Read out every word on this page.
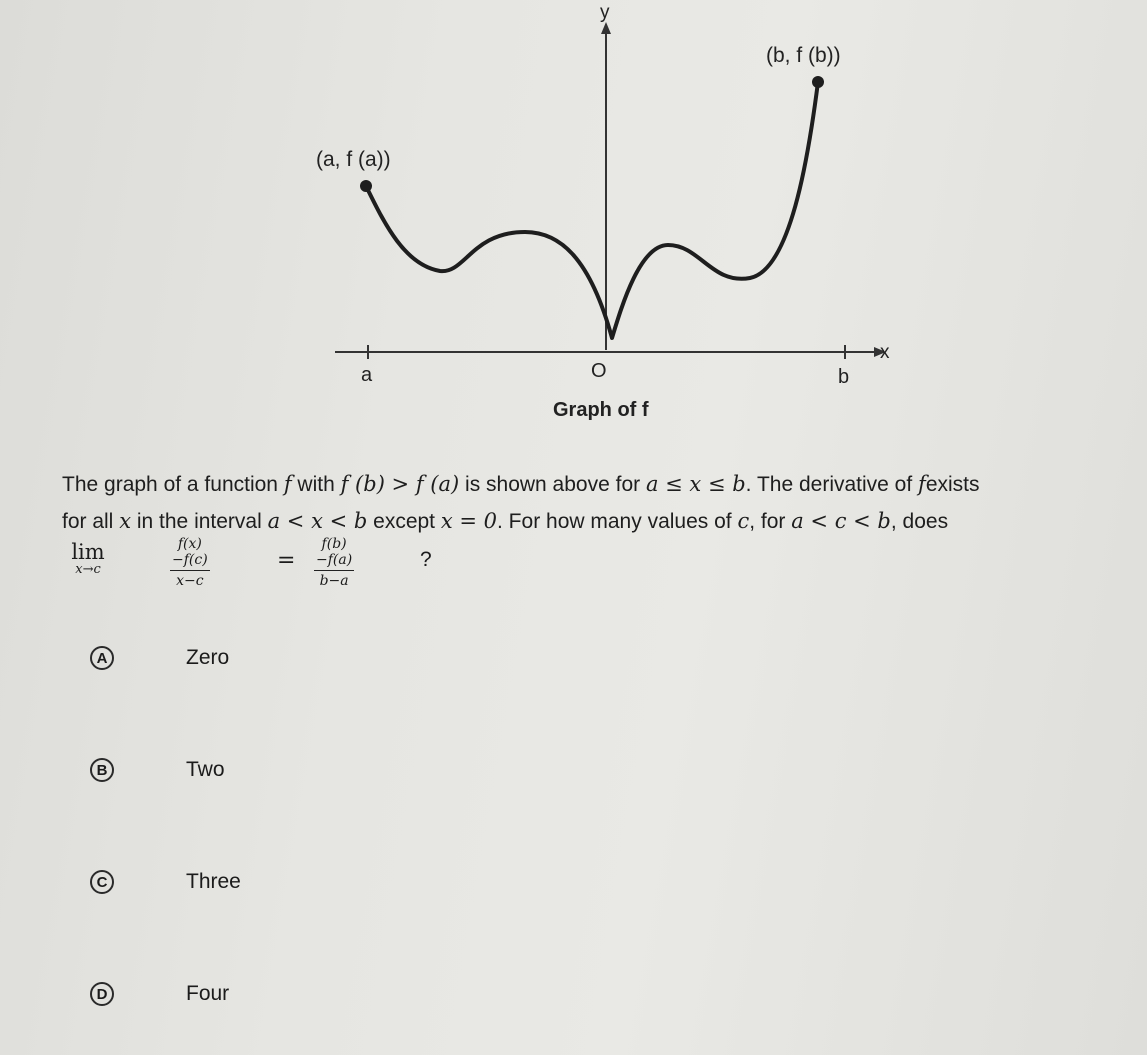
y
x
(b, f (b))
(a, f (a))
a	b
O
Graph of f
The graph of a function f with f (b) > f (a) is shown above for a ≤ x ≤ b. The derivative of fexists
for all x in the interval a < x < b except x = 0. For how many values of c, for a < c < b, does
lim
x→c	$\frac{f(x)-f(c)}{x-c}$	= $\frac{f(b)-f(a)}{b-a}$	?
A	Zero
B	Two
C	Three
D	Four
